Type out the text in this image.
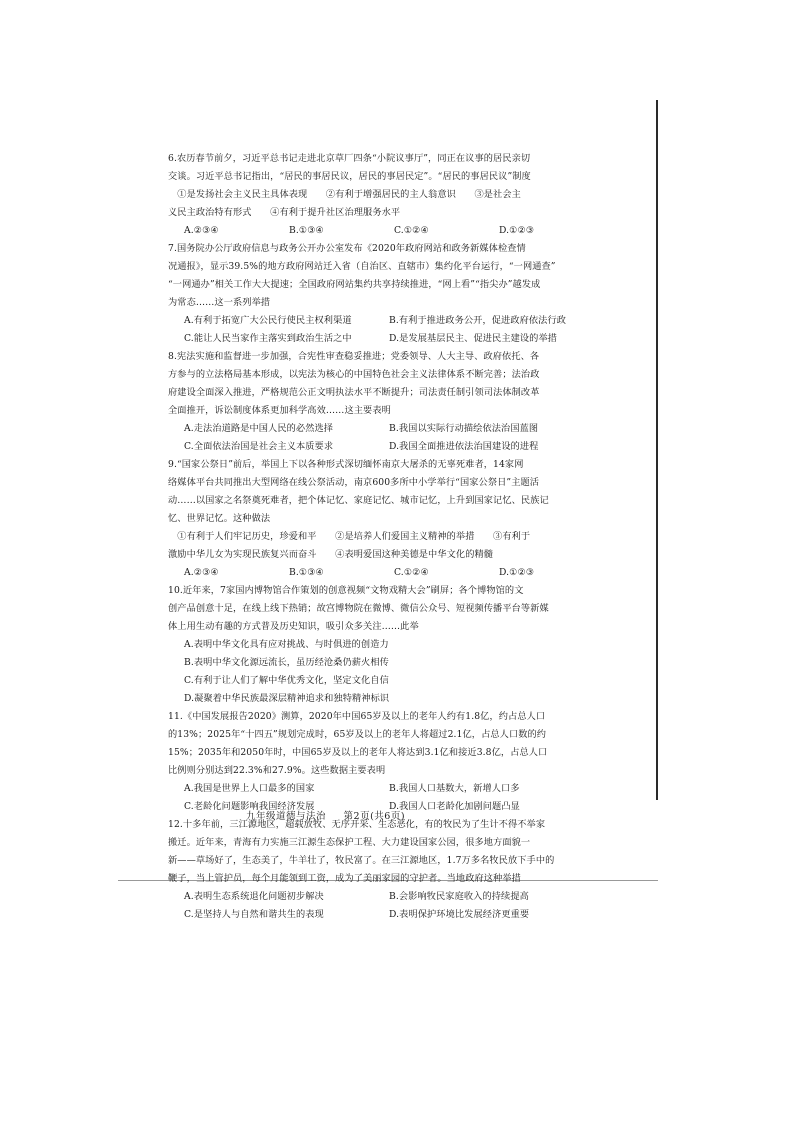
6.农历春节前夕，习近平总书记走进北京草厂四条“小院议事厅”，同正在议事的居民亲切

交谈。习近平总书记指出，“居民的事居民议，居民的事居民定”。“居民的事居民议”制度

　①是发扬社会主义民主具体表现　　②有利于增强居民的主人翁意识　　③是社会主

义民主政治特有形式　　④有利于提升社区治理服务水平

A.②③④	B.①③④	C.①②④	D.①②③

7.国务院办公厅政府信息与政务公开办公室发布《2020年政府网站和政务新媒体检查情

况通报》，显示39.5%的地方政府网站迁入省（自治区、直辖市）集约化平台运行，“一网通查”

“一网通办”相关工作大大提速；全国政府网站集约共享持续推进，“网上看”“指尖办”越发成

为常态……这一系列举措

A.有利于拓宽广大公民行使民主权利渠道	B.有利于推进政务公开，促进政府依法行政
C.能让人民当家作主落实到政治生活之中	D.是发展基层民主、促进民主建设的举措

8.宪法实施和监督进一步加强，合宪性审查稳妥推进；党委领导、人大主导、政府依托、各

方参与的立法格局基本形成，以宪法为核心的中国特色社会主义法律体系不断完善；法治政

府建设全面深入推进，严格规范公正文明执法水平不断提升；司法责任制引领司法体制改革

全面推开，诉讼制度体系更加科学高效……这主要表明

A.走法治道路是中国人民的必然选择	B.我国以实际行动描绘依法治国蓝图
C.全面依法治国是社会主义本质要求	D.我国全面推进依法治国建设的进程

9.“国家公祭日”前后，举国上下以各种形式深切缅怀南京大屠杀的无辜死难者，14家网

络媒体平台共同推出大型网络在线公祭活动，南京600多所中小学举行“国家公祭日”主题活

动……以国家之名祭奠死难者，把个体记忆、家庭记忆、城市记忆，上升到国家记忆、民族记

忆、世界记忆。这种做法

　①有利于人们牢记历史，珍爱和平　　②是培养人们爱国主义精神的举措　　③有利于

激励中华儿女为实现民族复兴而奋斗　　④表明爱国这种美德是中华文化的精髓

A.②③④	B.①③④	C.①②④	D.①②③

10.近年来，7家国内博物馆合作策划的创意视频“文物戏精大会”刷屏；各个博物馆的文

创产品创意十足，在线上线下热销；故宫博物院在微博、微信公众号、短视频传播平台等新媒

体上用生动有趣的方式普及历史知识，吸引众多关注……此举

A.表明中华文化具有应对挑战、与时俱进的创造力
B.表明中华文化源远流长，虽历经沧桑仍薪火相传
C.有利于让人们了解中华优秀文化，坚定文化自信
D.凝聚着中华民族最深层精神追求和独特精神标识

11.《中国发展报告2020》测算，2020年中国65岁及以上的老年人约有1.8亿，约占总人口

的13%；2025年“十四五”规划完成时，65岁及以上的老年人将超过2.1亿，占总人口数的约

15%；2035年和2050年时，中国65岁及以上的老年人将达到3.1亿和接近3.8亿，占总人口

比例则分别达到22.3%和27.9%。这些数据主要表明

A.我国是世界上人口最多的国家	B.我国人口基数大，新增人口多
C.老龄化问题影响我国经济发展	D.我国人口老龄化加剧问题凸显

12.十多年前，三江源地区，超载放牧、无序开采、生态恶化，有的牧民为了生计不得不举家

搬迁。近年来，青海有力实施三江源生态保护工程、大力建设国家公园，很多地方面貌一

新——草场好了，生态美了，牛羊壮了，牧民富了。在三江源地区，1.7万多名牧民放下手中的

鞭子，当上管护员，每个月能领到工资，成为了美丽家园的守护者。当地政府这种举措

A.表明生态系统退化问题初步解决	B.会影响牧民家庭收入的持续提高
C.是坚持人与自然和谐共生的表现	D.表明保护环境比发展经济更重要
九年级道德与法治 第2页(共6页)
